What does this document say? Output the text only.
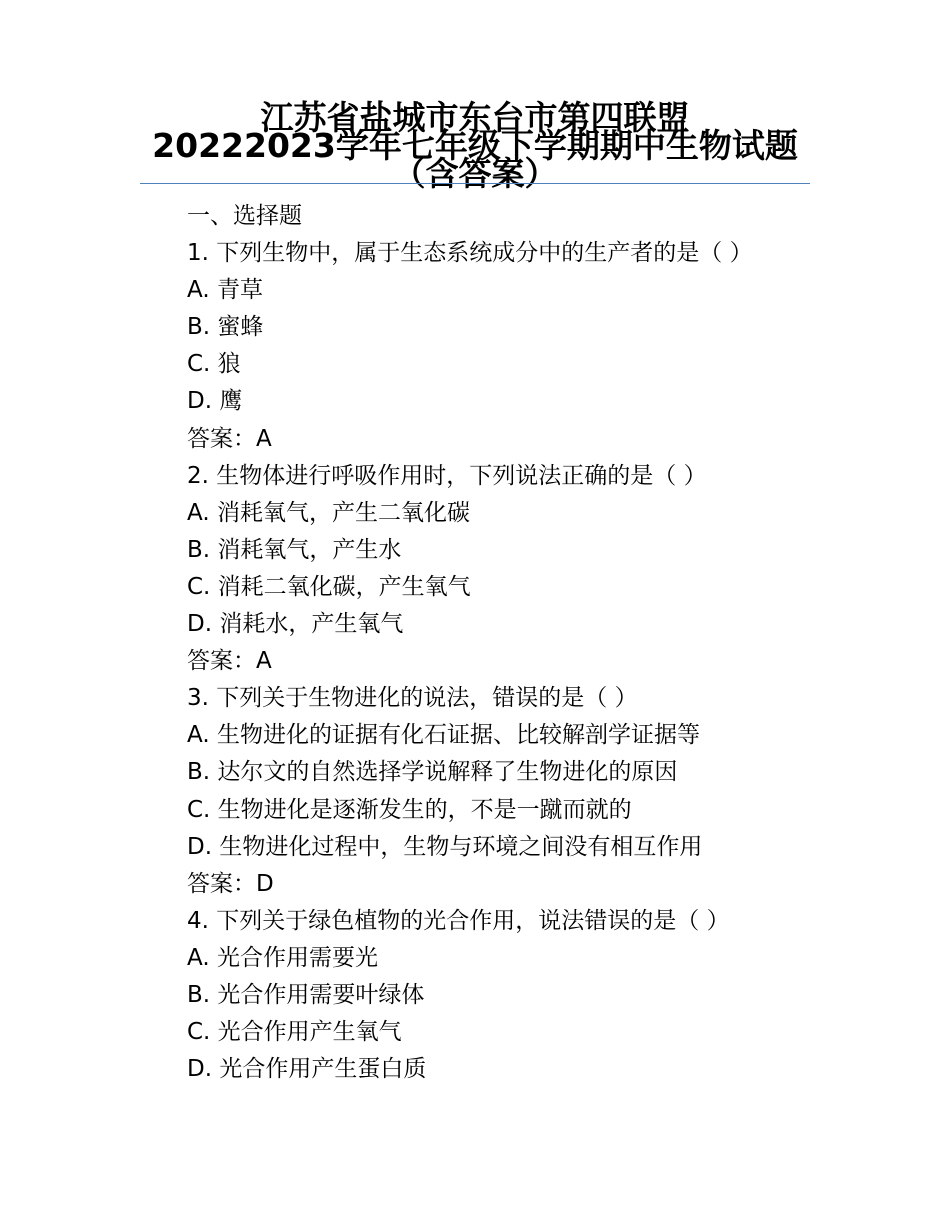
江苏省盐城市东台市第四联盟
20222023学年七年级下学期期中生物试题
（含答案）
一、选择题
1. 下列生物中，属于生态系统成分中的生产者的是（ ）
A. 青草
B. 蜜蜂
C. 狼
D. 鹰
答案：A
2. 生物体进行呼吸作用时，下列说法正确的是（ ）
A. 消耗氧气，产生二氧化碳
B. 消耗氧气，产生水
C. 消耗二氧化碳，产生氧气
D. 消耗水，产生氧气
答案：A
3. 下列关于生物进化的说法，错误的是（ ）
A. 生物进化的证据有化石证据、比较解剖学证据等
B. 达尔文的自然选择学说解释了生物进化的原因
C. 生物进化是逐渐发生的，不是一蹴而就的
D. 生物进化过程中，生物与环境之间没有相互作用
答案：D
4. 下列关于绿色植物的光合作用，说法错误的是（ ）
A. 光合作用需要光
B. 光合作用需要叶绿体
C. 光合作用产生氧气
D. 光合作用产生蛋白质
